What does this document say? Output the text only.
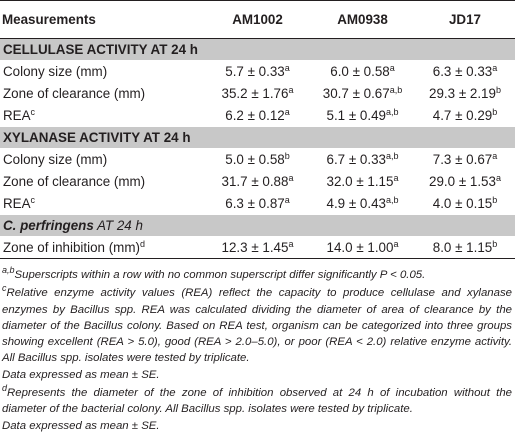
Measurements	AM1002	AM0938	JD17
CELLULASE ACTIVITY AT 24 h			
Colony size (mm)	5.7 ± 0.33$^a$	6.0 ± 0.58$^a$	6.3 ± 0.33$^a$
Zone of clearance (mm)	35.2 ± 1.76$^a$	$30.7 \pm 0.67^{a,b}$	29.3 ± 2.19$^b$
REA$^c$	6.2 ± 0.12$^a$	$5.1 \pm 0.49^{a,b}$	4.7 ± 0.29$^b$
XYLANASE ACTIVITY AT 24 h			
Colony size (mm)	5.0 ± 0.58$^b$	$6.7 \pm 0.33^{a,b}$	7.3 ± 0.67$^a$
Zone of clearance (mm)	31.7 ± 0.88$^a$	32.0 ± 1.15$^a$	29.0 ± 1.53$^a$
REA$^c$	6.3 ± 0.87$^a$	$4.9 \pm 0.43^{a,b}$	4.0 ± 0.15$^b$
C. perfringens AT 24 h			
Zone of inhibition (mm)$^d$	12.3 ± 1.45$^a$	14.0 ± 1.00$^a$	8.0 ± 1.15$^b$

$^{a,b}$Superscripts within a row with no common superscript differ significantly P < 0.05.

$^c$Relative enzyme activity values (REA) reflect the capacity to produce cellulase and xylanase enzymes by Bacillus spp. REA was calculated dividing the diameter of area of clearance by the diameter of the Bacillus colony. Based on REA test, organism can be categorized into three groups showing excellent (REA > 5.0), good (REA > 2.0–5.0), or poor (REA < 2.0) relative enzyme activity. All Bacillus spp. isolates were tested by triplicate.
Data expressed as mean ± SE.

$^d$Represents the diameter of the zone of inhibition observed at 24 h of incubation without the diameter of the bacterial colony. All Bacillus spp. isolates were tested by triplicate.
Data expressed as mean ± SE.
